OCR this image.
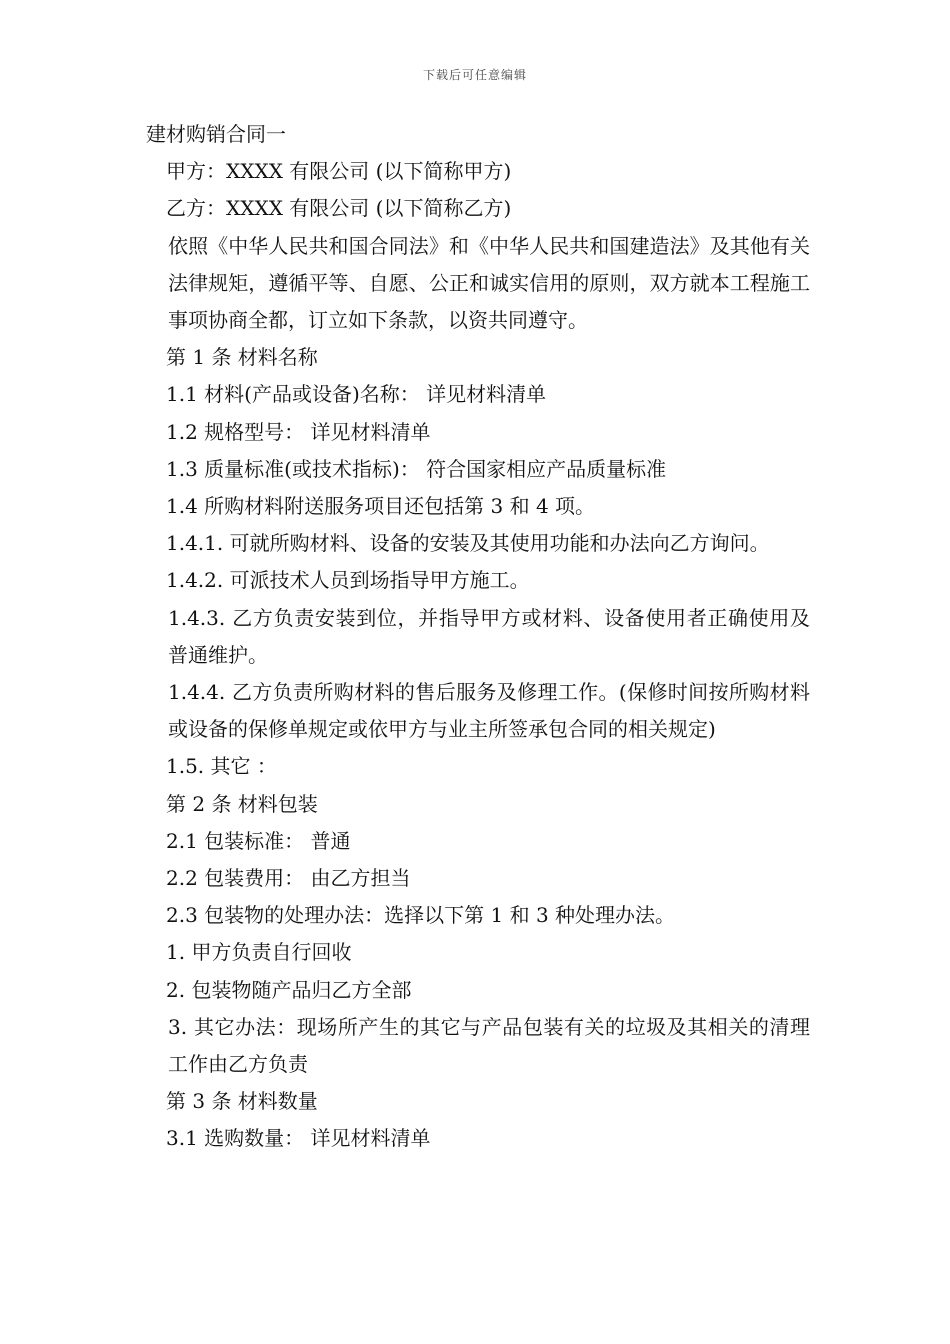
下载后可任意编辑

建材购销合同一

甲方：XXXX 有限公司 (以下简称甲方)

乙方：XXXX 有限公司 (以下简称乙方)

依照《中华人民共和国合同法》和《中华人民共和国建造法》及其他有关法律规矩，遵循平等、自愿、公正和诚实信用的原则，双方就本工程施工事项协商全都，订立如下条款，以资共同遵守。

第 1 条 材料名称

1.1 材料(产品或设备)名称： 详见材料清单

1.2 规格型号： 详见材料清单

1.3 质量标准(或技术指标)： 符合国家相应产品质量标准

1.4 所购材料附送服务项目还包括第 3 和 4 项。

1.4.1. 可就所购材料、设备的安装及其使用功能和办法向乙方询问。

1.4.2. 可派技术人员到场指导甲方施工。

1.4.3. 乙方负责安装到位，并指导甲方或材料、设备使用者正确使用及普通维护。

1.4.4. 乙方负责所购材料的售后服务及修理工作。(保修时间按所购材料或设备的保修单规定或依甲方与业主所签承包合同的相关规定)

1.5. 其它 ：

第 2 条 材料包装

2.1 包装标准： 普通

2.2 包装费用： 由乙方担当

2.3 包装物的处理办法：选择以下第 1 和 3 种处理办法。

1. 甲方负责自行回收

2. 包装物随产品归乙方全部

3. 其它办法：现场所产生的其它与产品包装有关的垃圾及其相关的清理工作由乙方负责

第 3 条 材料数量

3.1 选购数量： 详见材料清单
